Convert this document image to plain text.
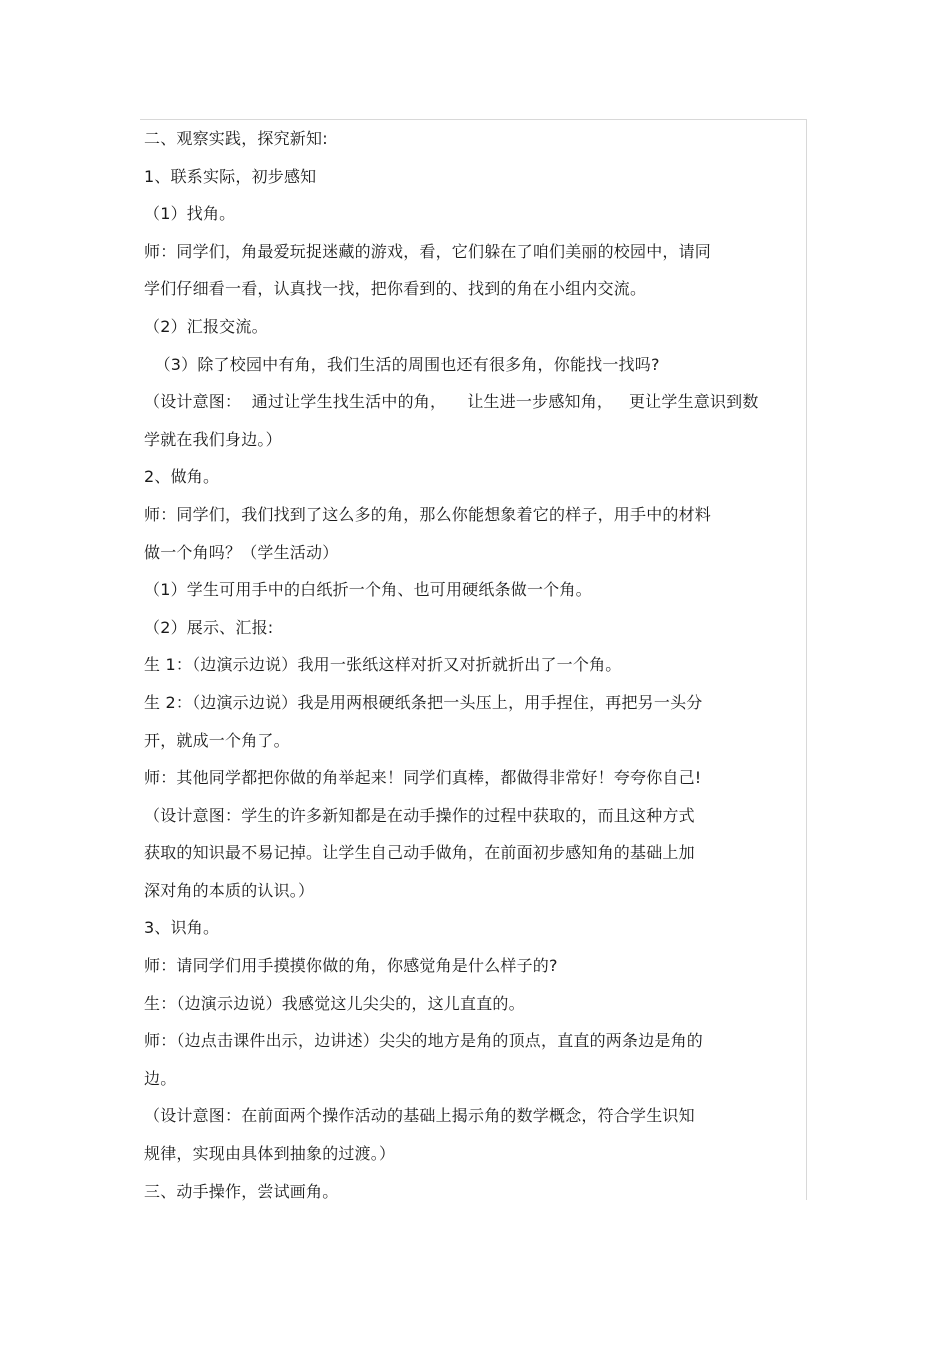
二、观察实践，探究新知:
1、联系实际，初步感知
（1）找角。
师：同学们，角最爱玩捉迷藏的游戏，看，它们躲在了咱们美丽的校园中，请同
学们仔细看一看，认真找一找，把你看到的、找到的角在小组内交流。
（2）汇报交流。
（3）除了校园中有角，我们生活的周围也还有很多角，你能找一找吗?
（设计意图：  通过让学生找生活中的角，    让生进一步感知角，   更让学生意识到数
学就在我们身边。）
2、做角。
师：同学们，我们找到了这么多的角，那么你能想象着它的样子，用手中的材料
做一个角吗？（学生活动）
（1）学生可用手中的白纸折一个角、也可用硬纸条做一个角。
（2）展示、汇报:
生 1：（边演示边说）我用一张纸这样对折又对折就折出了一个角。
生 2：（边演示边说）我是用两根硬纸条把一头压上，用手捏住，再把另一头分
开，就成一个角了。
师：其他同学都把你做的角举起来！同学们真棒，都做得非常好！夸夸你自己!
（设计意图：学生的许多新知都是在动手操作的过程中获取的，而且这种方式
获取的知识最不易记掉。让学生自己动手做角，在前面初步感知角的基础上加
深对角的本质的认识。）
3、识角。
师：请同学们用手摸摸你做的角，你感觉角是什么样子的?
生：（边演示边说）我感觉这儿尖尖的，这儿直直的。
师：（边点击课件出示，边讲述）尖尖的地方是角的顶点，直直的两条边是角的
边。
（设计意图：在前面两个操作活动的基础上揭示角的数学概念，符合学生识知
规律，实现由具体到抽象的过渡。）
三、动手操作，尝试画角。
